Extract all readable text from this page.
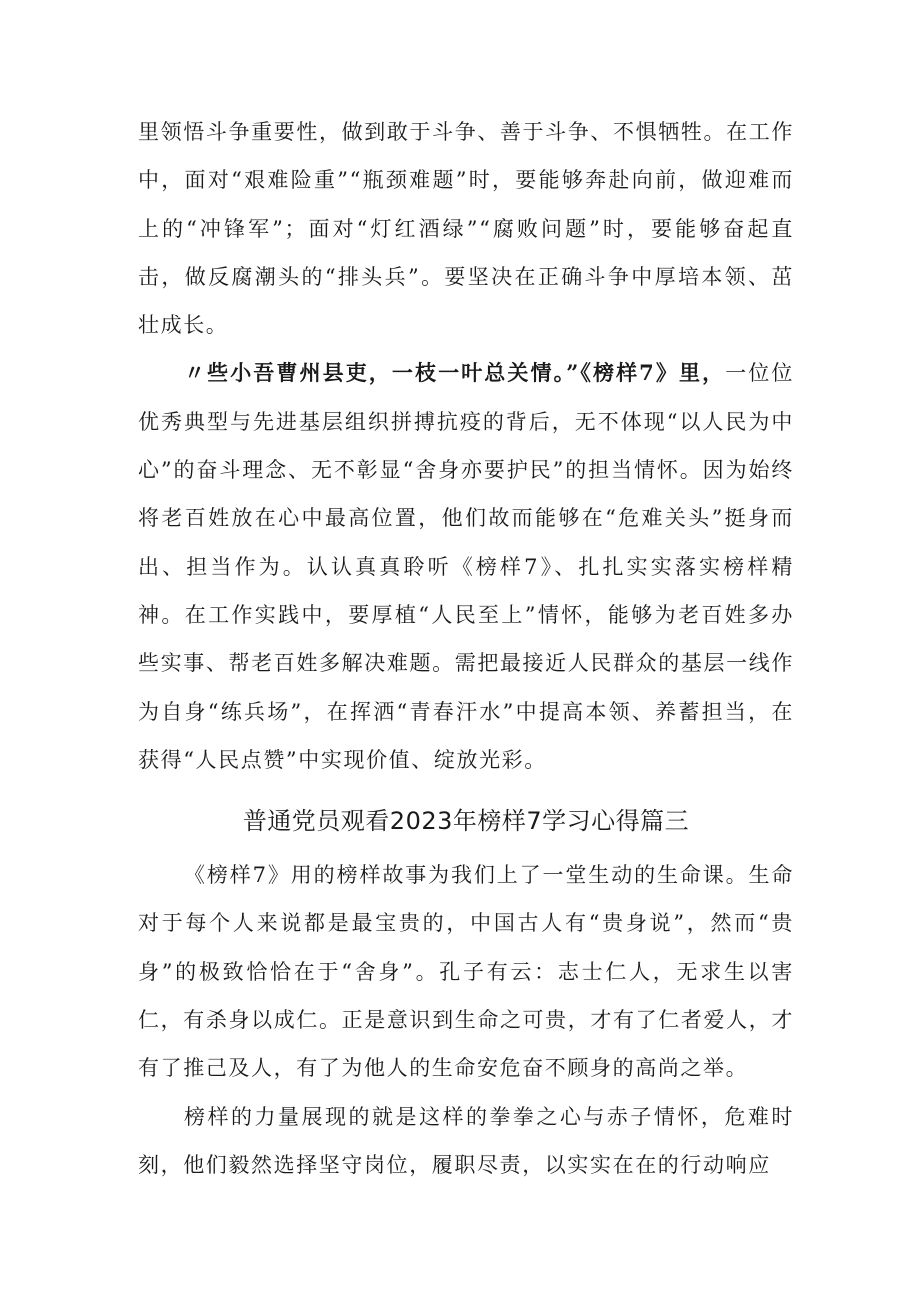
里领悟斗争重要性，做到敢于斗争、善于斗争、不惧牺牲。在工作中，面对“艰难险重”“瓶颈难题”时，要能够奔赴向前，做迎难而上的“冲锋军”；面对“灯红酒绿”“腐败问题”时，要能够奋起直击，做反腐潮头的“排头兵”。要坚决在正确斗争中厚培本领、茁壮成长。

〃些小吾曹州县吏，一枝一叶总关情。”《榜样7》里，一位位优秀典型与先进基层组织拼搏抗疫的背后，无不体现“以人民为中心”的奋斗理念、无不彰显“舍身亦要护民”的担当情怀。因为始终将老百姓放在心中最高位置，他们故而能够在“危难关头”挺身而出、担当作为。认认真真聆听《榜样7》、扎扎实实落实榜样精神。在工作实践中，要厚植“人民至上”情怀，能够为老百姓多办些实事、帮老百姓多解决难题。需把最接近人民群众的基层一线作为自身“练兵场”，在挥洒“青春汗水”中提高本领、养蓄担当，在获得“人民点赞”中实现价值、绽放光彩。

普通党员观看2023年榜样7学习心得篇三

《榜样7》用的榜样故事为我们上了一堂生动的生命课。生命对于每个人来说都是最宝贵的，中国古人有“贵身说”，然而“贵身”的极致恰恰在于“舍身”。孔子有云：志士仁人，无求生以害仁，有杀身以成仁。正是意识到生命之可贵，才有了仁者爱人，才有了推己及人，有了为他人的生命安危奋不顾身的高尚之举。

榜样的力量展现的就是这样的拳拳之心与赤子情怀，危难时刻，他们毅然选择坚守岗位，履职尽责，以实实在在的行动响应
